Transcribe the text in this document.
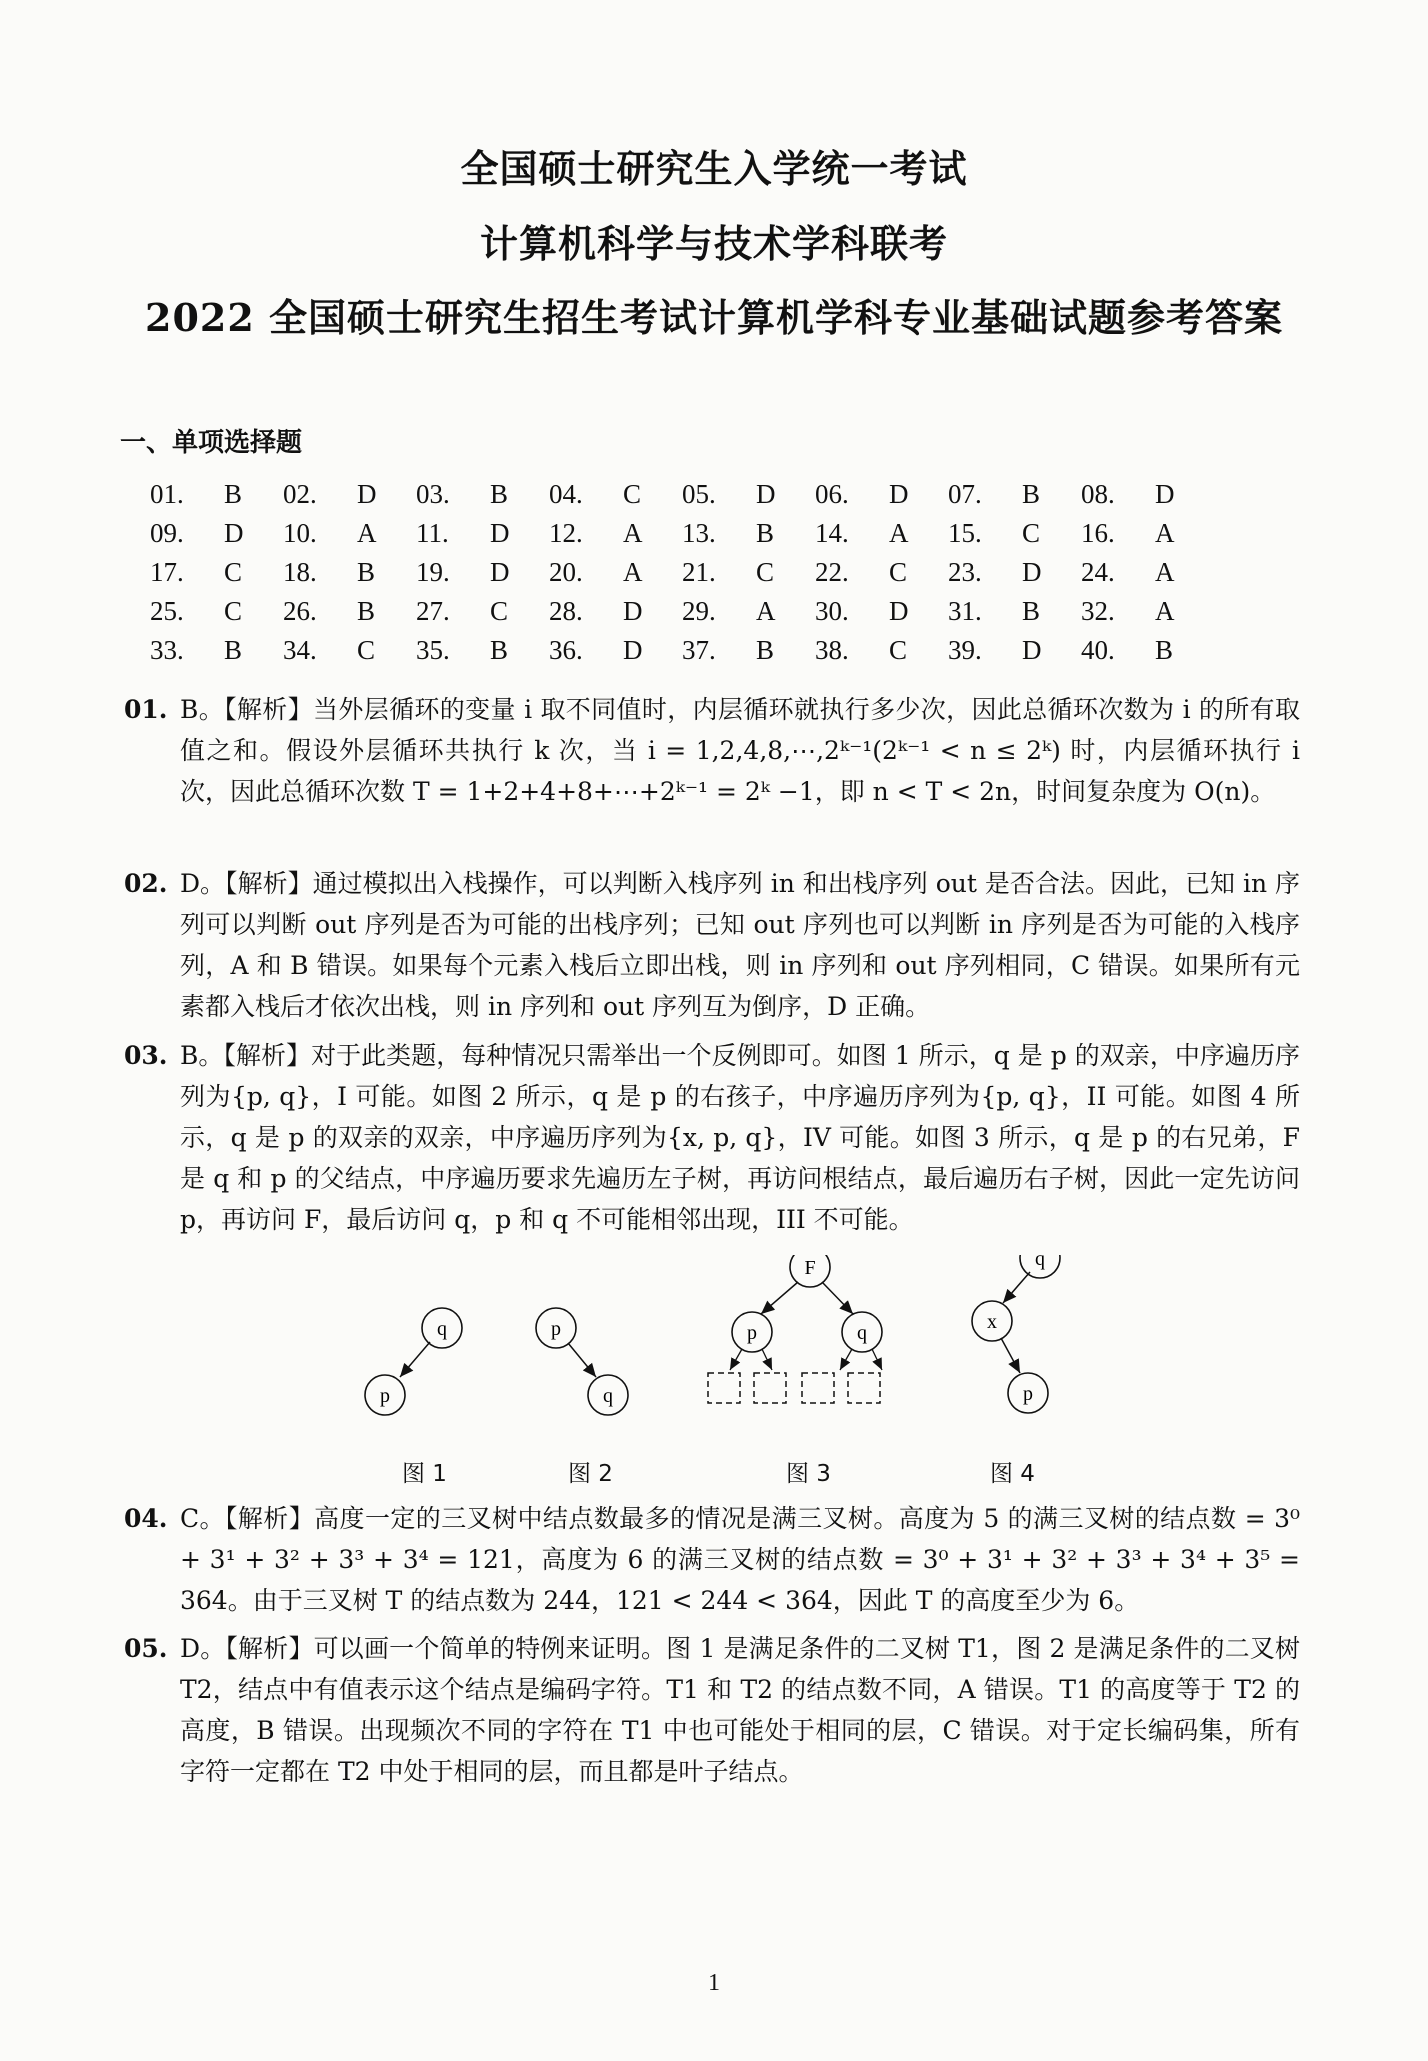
全国硕士研究生入学统一考试
计算机科学与技术学科联考
2022 全国硕士研究生招生考试计算机学科专业基础试题参考答案
一、单项选择题
01.	B	02.	D	03.	B	04.	C	05.	D	06.	D	07.	B	08.	D
09.	D	10.	A	11.	D	12.	A	13.	B	14.	A	15.	C	16.	A
17.	C	18.	B	19.	D	20.	A	21.	C	22.	C	23.	D	24.	A
25.	C	26.	B	27.	C	28.	D	29.	A	30.	D	31.	B	32.	A
33.	B	34.	C	35.	B	36.	D	37.	B	38.	C	39.	D	40.	B
01. B。【解析】当外层循环的变量 i 取不同值时，内层循环就执行多少次，因此总循环次数为 i 的所有取值之和。假设外层循环共执行 k 次，当 i = 1,2,4,8,⋯,2ᵏ⁻¹(2ᵏ⁻¹ < n ≤ 2ᵏ) 时，内层循环执行 i 次，因此总循环次数 T = 1+2+4+8+⋯+2ᵏ⁻¹ = 2ᵏ −1，即 n < T < 2n，时间复杂度为 O(n)。
02. D。【解析】通过模拟出入栈操作，可以判断入栈序列 in 和出栈序列 out 是否合法。因此，已知 in 序列可以判断 out 序列是否为可能的出栈序列；已知 out 序列也可以判断 in 序列是否为可能的入栈序列，A 和 B 错误。如果每个元素入栈后立即出栈，则 in 序列和 out 序列相同，C 错误。如果所有元素都入栈后才依次出栈，则 in 序列和 out 序列互为倒序，D 正确。
03. B。【解析】对于此类题，每种情况只需举出一个反例即可。如图 1 所示，q 是 p 的双亲，中序遍历序列为{p, q}，I 可能。如图 2 所示，q 是 p 的右孩子，中序遍历序列为{p, q}，II 可能。如图 4 所示，q 是 p 的双亲的双亲，中序遍历序列为{x, p, q}，IV 可能。如图 3 所示，q 是 p 的右兄弟，F 是 q 和 p 的父结点，中序遍历要求先遍历左子树，再访问根结点，最后遍历右子树，因此一定先访问 p，再访问 F，最后访问 q，p 和 q 不可能相邻出现，III 不可能。
q
p
p
q
F
p	q
q
x
p
图 1	图 2	图 3	图 4
04. C。【解析】高度一定的三叉树中结点数最多的情况是满三叉树。高度为 5 的满三叉树的结点数 = 3⁰ + 3¹ + 3² + 3³ + 3⁴ = 121，高度为 6 的满三叉树的结点数 = 3⁰ + 3¹ + 3² + 3³ + 3⁴ + 3⁵ = 364。由于三叉树 T 的结点数为 244，121 < 244 < 364，因此 T 的高度至少为 6。
05. D。【解析】可以画一个简单的特例来证明。图 1 是满足条件的二叉树 T1，图 2 是满足条件的二叉树 T2，结点中有值表示这个结点是编码字符。T1 和 T2 的结点数不同，A 错误。T1 的高度等于 T2 的高度，B 错误。出现频次不同的字符在 T1 中也可能处于相同的层，C 错误。对于定长编码集，所有字符一定都在 T2 中处于相同的层，而且都是叶子结点。
1
